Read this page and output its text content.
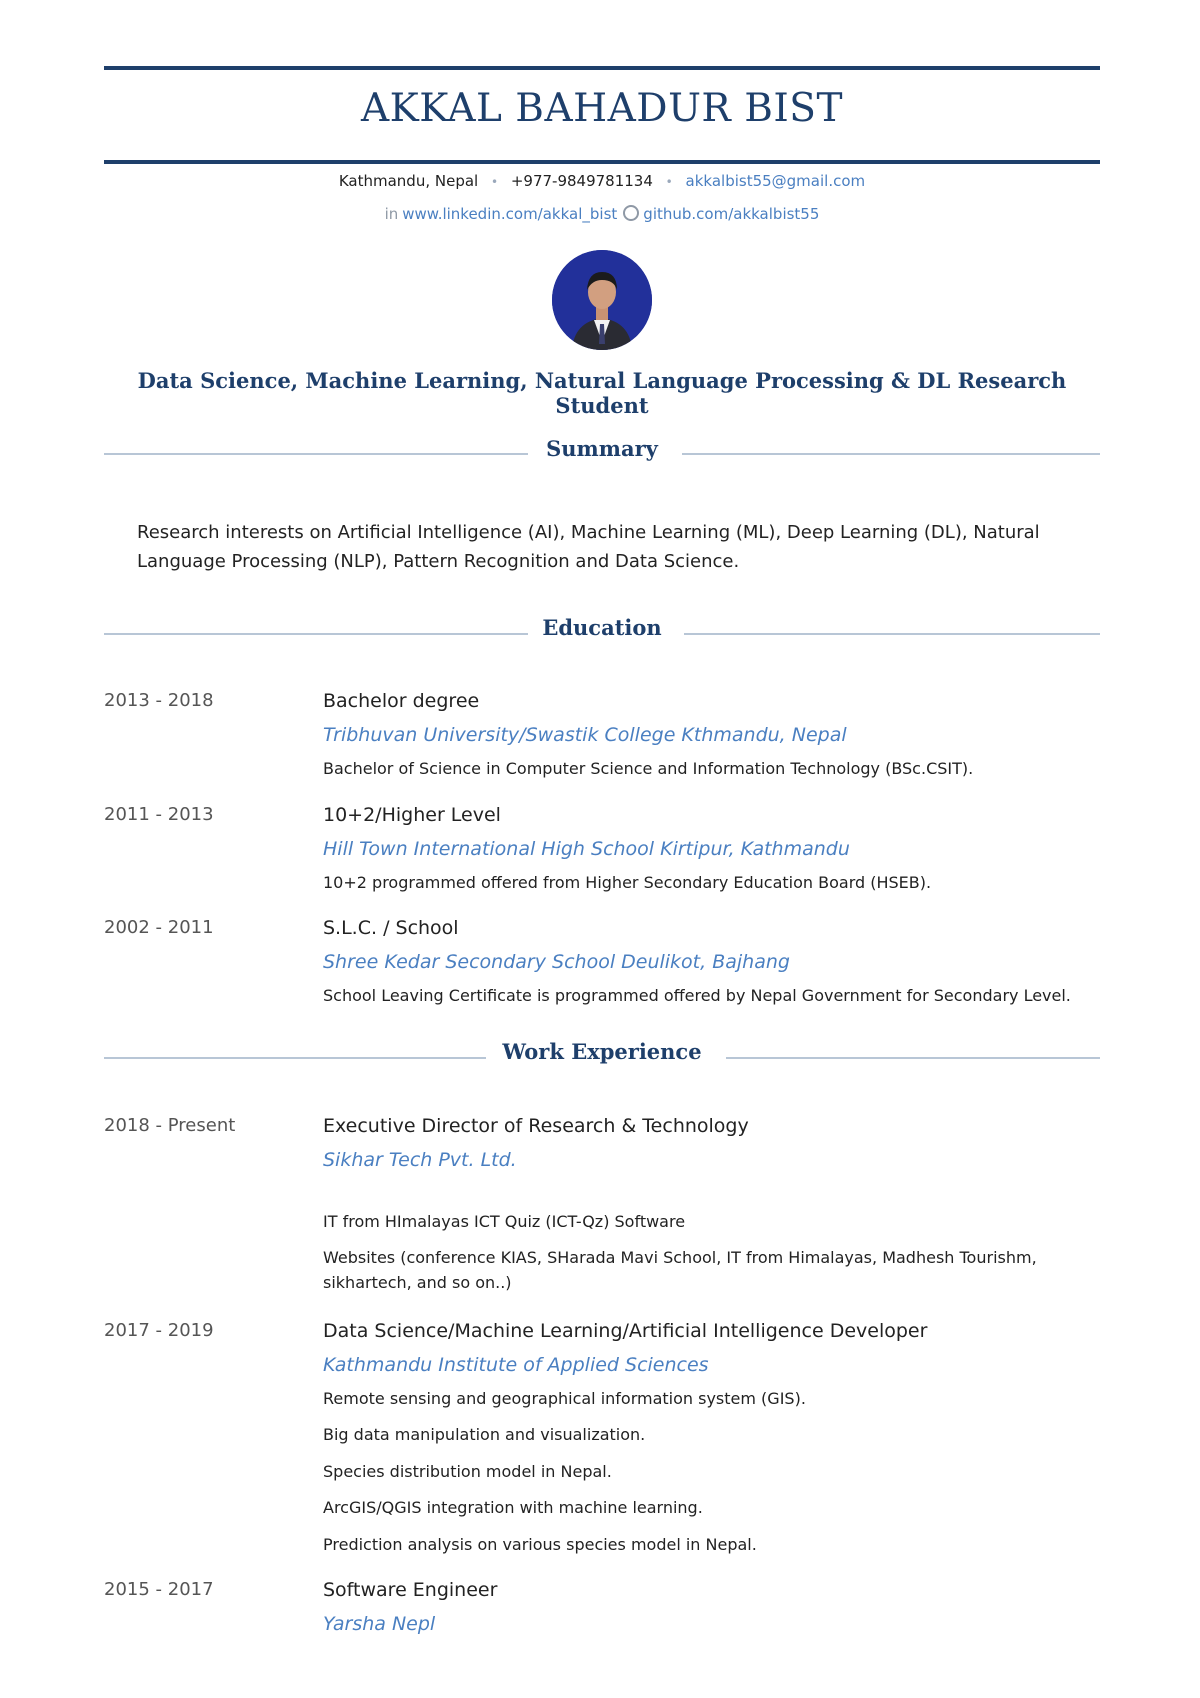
AKKAL BAHADUR BIST
Kathmandu, Nepal • +977-9849781134 • akkalbist55@gmail.com
in www.linkedin.com/akkal_bist github.com/akkalbist55
Data Science, Machine Learning, Natural Language Processing & DL Research Student
Summary
Research interests on Artificial Intelligence (AI), Machine Learning (ML), Deep Learning (DL), Natural Language Processing (NLP), Pattern Recognition and Data Science.
Education
2013 - 2018	Bachelor degree
Tribhuvan University/Swastik College Kthmandu, Nepal
Bachelor of Science in Computer Science and Information Technology (BSc.CSIT).
2011 - 2013	10+2/Higher Level
Hill Town International High School Kirtipur, Kathmandu
10+2 programmed offered from Higher Secondary Education Board (HSEB).
2002 - 2011	S.L.C. / School
Shree Kedar Secondary School Deulikot, Bajhang
School Leaving Certificate is programmed offered by Nepal Government for Secondary Level.
Work Experience
2018 - Present	Executive Director of Research & Technology
Sikhar Tech Pvt. Ltd.
IT from HImalayas ICT Quiz (ICT-Qz) Software
Websites (conference KIAS, SHarada Mavi School, IT from Himalayas, Madhesh Tourishm, sikhartech, and so on..)
2017 - 2019	Data Science/Machine Learning/Artificial Intelligence Developer
Kathmandu Institute of Applied Sciences
Remote sensing and geographical information system (GIS).
Big data manipulation and visualization.
Species distribution model in Nepal.
ArcGIS/QGIS integration with machine learning.
Prediction analysis on various species model in Nepal.
2015 - 2017	Software Engineer
Yarsha Nepl
